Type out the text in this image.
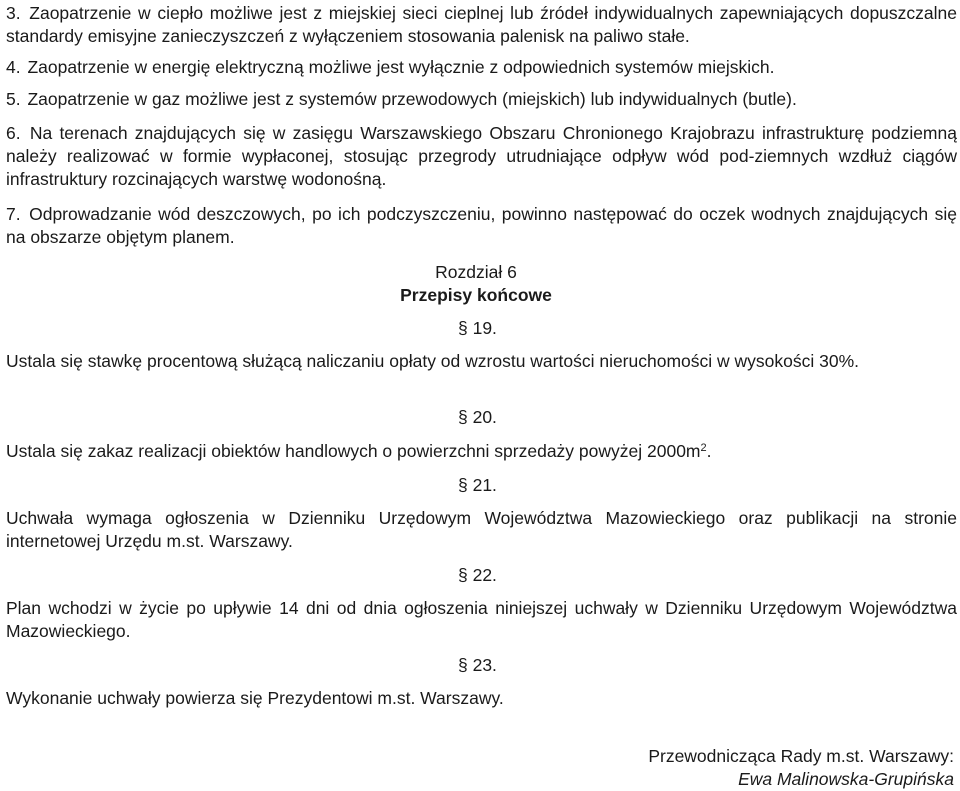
3. Zaopatrzenie w ciepło możliwe jest z miejskiej sieci cieplnej lub źródeł indywidualnych zapewniających dopuszczalne standardy emisyjne zanieczyszczeń z wyłączeniem stosowania palenisk na paliwo stałe.
4. Zaopatrzenie w energię elektryczną możliwe jest wyłącznie z odpowiednich systemów miejskich.
5. Zaopatrzenie w gaz możliwe jest z systemów przewodowych (miejskich) lub indywidualnych (butle).
6. Na terenach znajdujących się w zasięgu Warszawskiego Obszaru Chronionego Krajobrazu infrastrukturę podziemną należy realizować w formie wypłaconej, stosując przegrody utrudniające odpływ wód pod-ziemnych wzdłuż ciągów infrastruktury rozcinających warstwę wodonośną.
7. Odprowadzanie wód deszczowych, po ich podczyszczeniu, powinno następować do oczek wodnych znajdujących się na obszarze objętym planem.
Rozdział 6
Przepisy końcowe
§ 19.
Ustala się stawkę procentową służącą naliczaniu opłaty od wzrostu wartości nieruchomości w wysokości 30%.
§ 20.
Ustala się zakaz realizacji obiektów handlowych o powierzchni sprzedaży powyżej $2000m^2$.
§ 21.
Uchwała wymaga ogłoszenia w Dzienniku Urzędowym Województwa Mazowieckiego oraz publikacji na stronie internetowej Urzędu m.st. Warszawy.
§ 22.
Plan wchodzi w życie po upływie 14 dni od dnia ogłoszenia niniejszej uchwały w Dzienniku Urzędowym Województwa Mazowieckiego.
§ 23.
Wykonanie uchwały powierza się Prezydentowi m.st. Warszawy.
Przewodnicząca Rady m.st. Warszawy:
Ewa Malinowska-Grupińska
